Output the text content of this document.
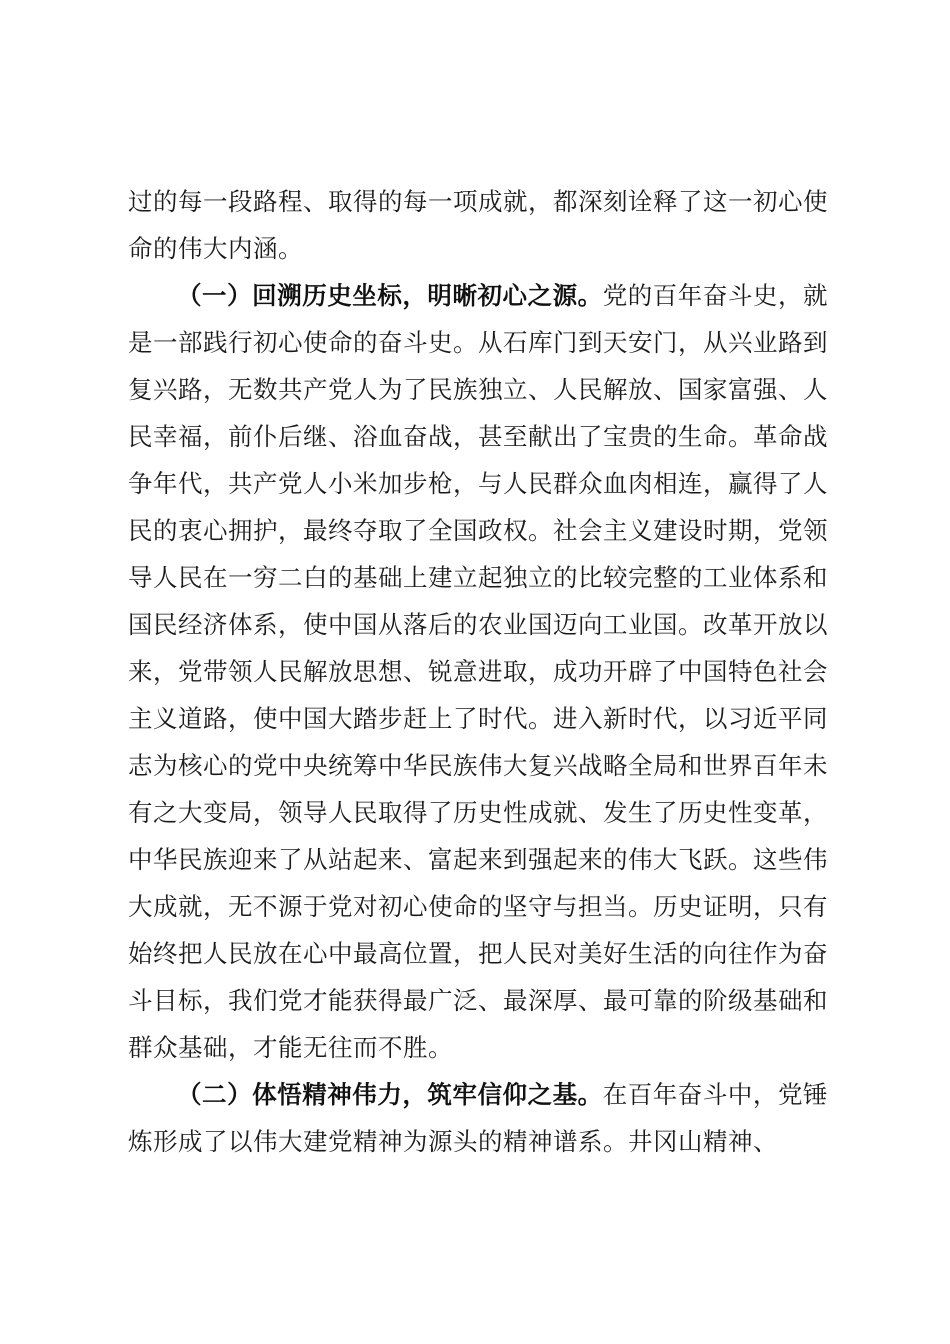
过的每一段路程、取得的每一项成就，都深刻诠释了这一初心使命的伟大内涵。

（一）回溯历史坐标，明晰初心之源。党的百年奋斗史，就是一部践行初心使命的奋斗史。从石库门到天安门，从兴业路到复兴路，无数共产党人为了民族独立、人民解放、国家富强、人民幸福，前仆后继、浴血奋战，甚至献出了宝贵的生命。革命战争年代，共产党人小米加步枪，与人民群众血肉相连，赢得了人民的衷心拥护，最终夺取了全国政权。社会主义建设时期，党领导人民在一穷二白的基础上建立起独立的比较完整的工业体系和国民经济体系，使中国从落后的农业国迈向工业国。改革开放以来，党带领人民解放思想、锐意进取，成功开辟了中国特色社会主义道路，使中国大踏步赶上了时代。进入新时代，以习近平同志为核心的党中央统筹中华民族伟大复兴战略全局和世界百年未有之大变局，领导人民取得了历史性成就、发生了历史性变革，中华民族迎来了从站起来、富起来到强起来的伟大飞跃。这些伟大成就，无不源于党对初心使命的坚守与担当。历史证明，只有始终把人民放在心中最高位置，把人民对美好生活的向往作为奋斗目标，我们党才能获得最广泛、最深厚、最可靠的阶级基础和群众基础，才能无往而不胜。

（二）体悟精神伟力，筑牢信仰之基。在百年奋斗中，党锤炼形成了以伟大建党精神为源头的精神谱系。井冈山精神、
